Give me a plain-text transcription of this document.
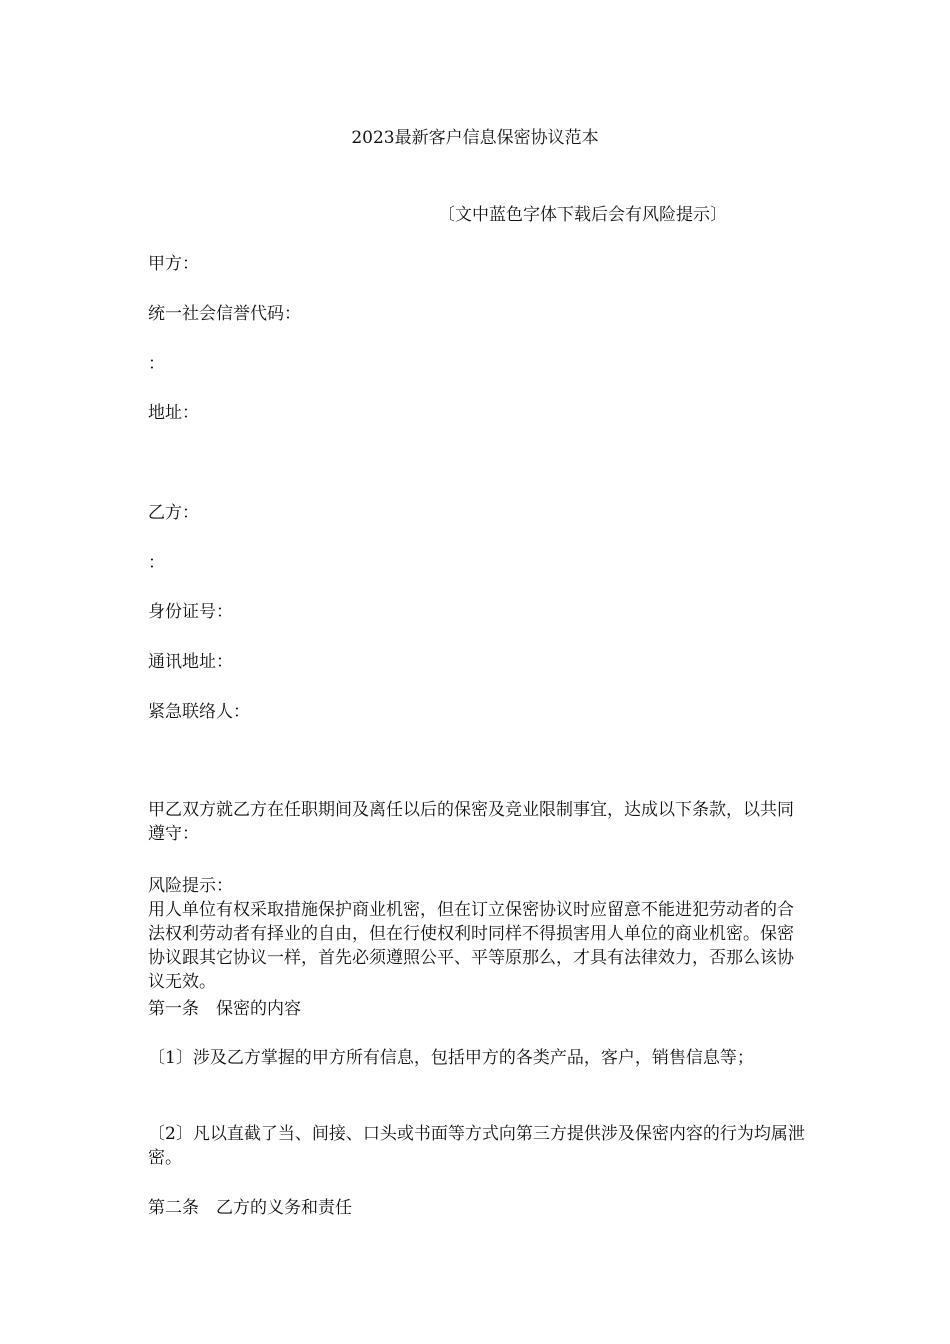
2023最新客户信息保密协议范本
〔文中蓝色字体下载后会有风险提示〕
甲方：
统一社会信誉代码：
：
地址：
乙方：
：
身份证号：
通讯地址：
紧急联络人：

甲乙双方就乙方在任职期间及离任以后的保密及竞业限制事宜，达成以下条款，以共同遵守：

风险提示：

用人单位有权采取措施保护商业机密，但在订立保密协议时应留意不能进犯劳动者的合法权利劳动者有择业的自由，但在行使权利时同样不得损害用人单位的商业机密。保密协议跟其它协议一样，首先必须遵照公平、平等原那么，才具有法律效力，否那么该协议无效。

第一条　保密的内容

〔1〕涉及乙方掌握的甲方所有信息，包括甲方的各类产品，客户，销售信息等；

〔2〕凡以直截了当、间接、口头或书面等方式向第三方提供涉及保密内容的行为均属泄密。

第二条　乙方的义务和责任
